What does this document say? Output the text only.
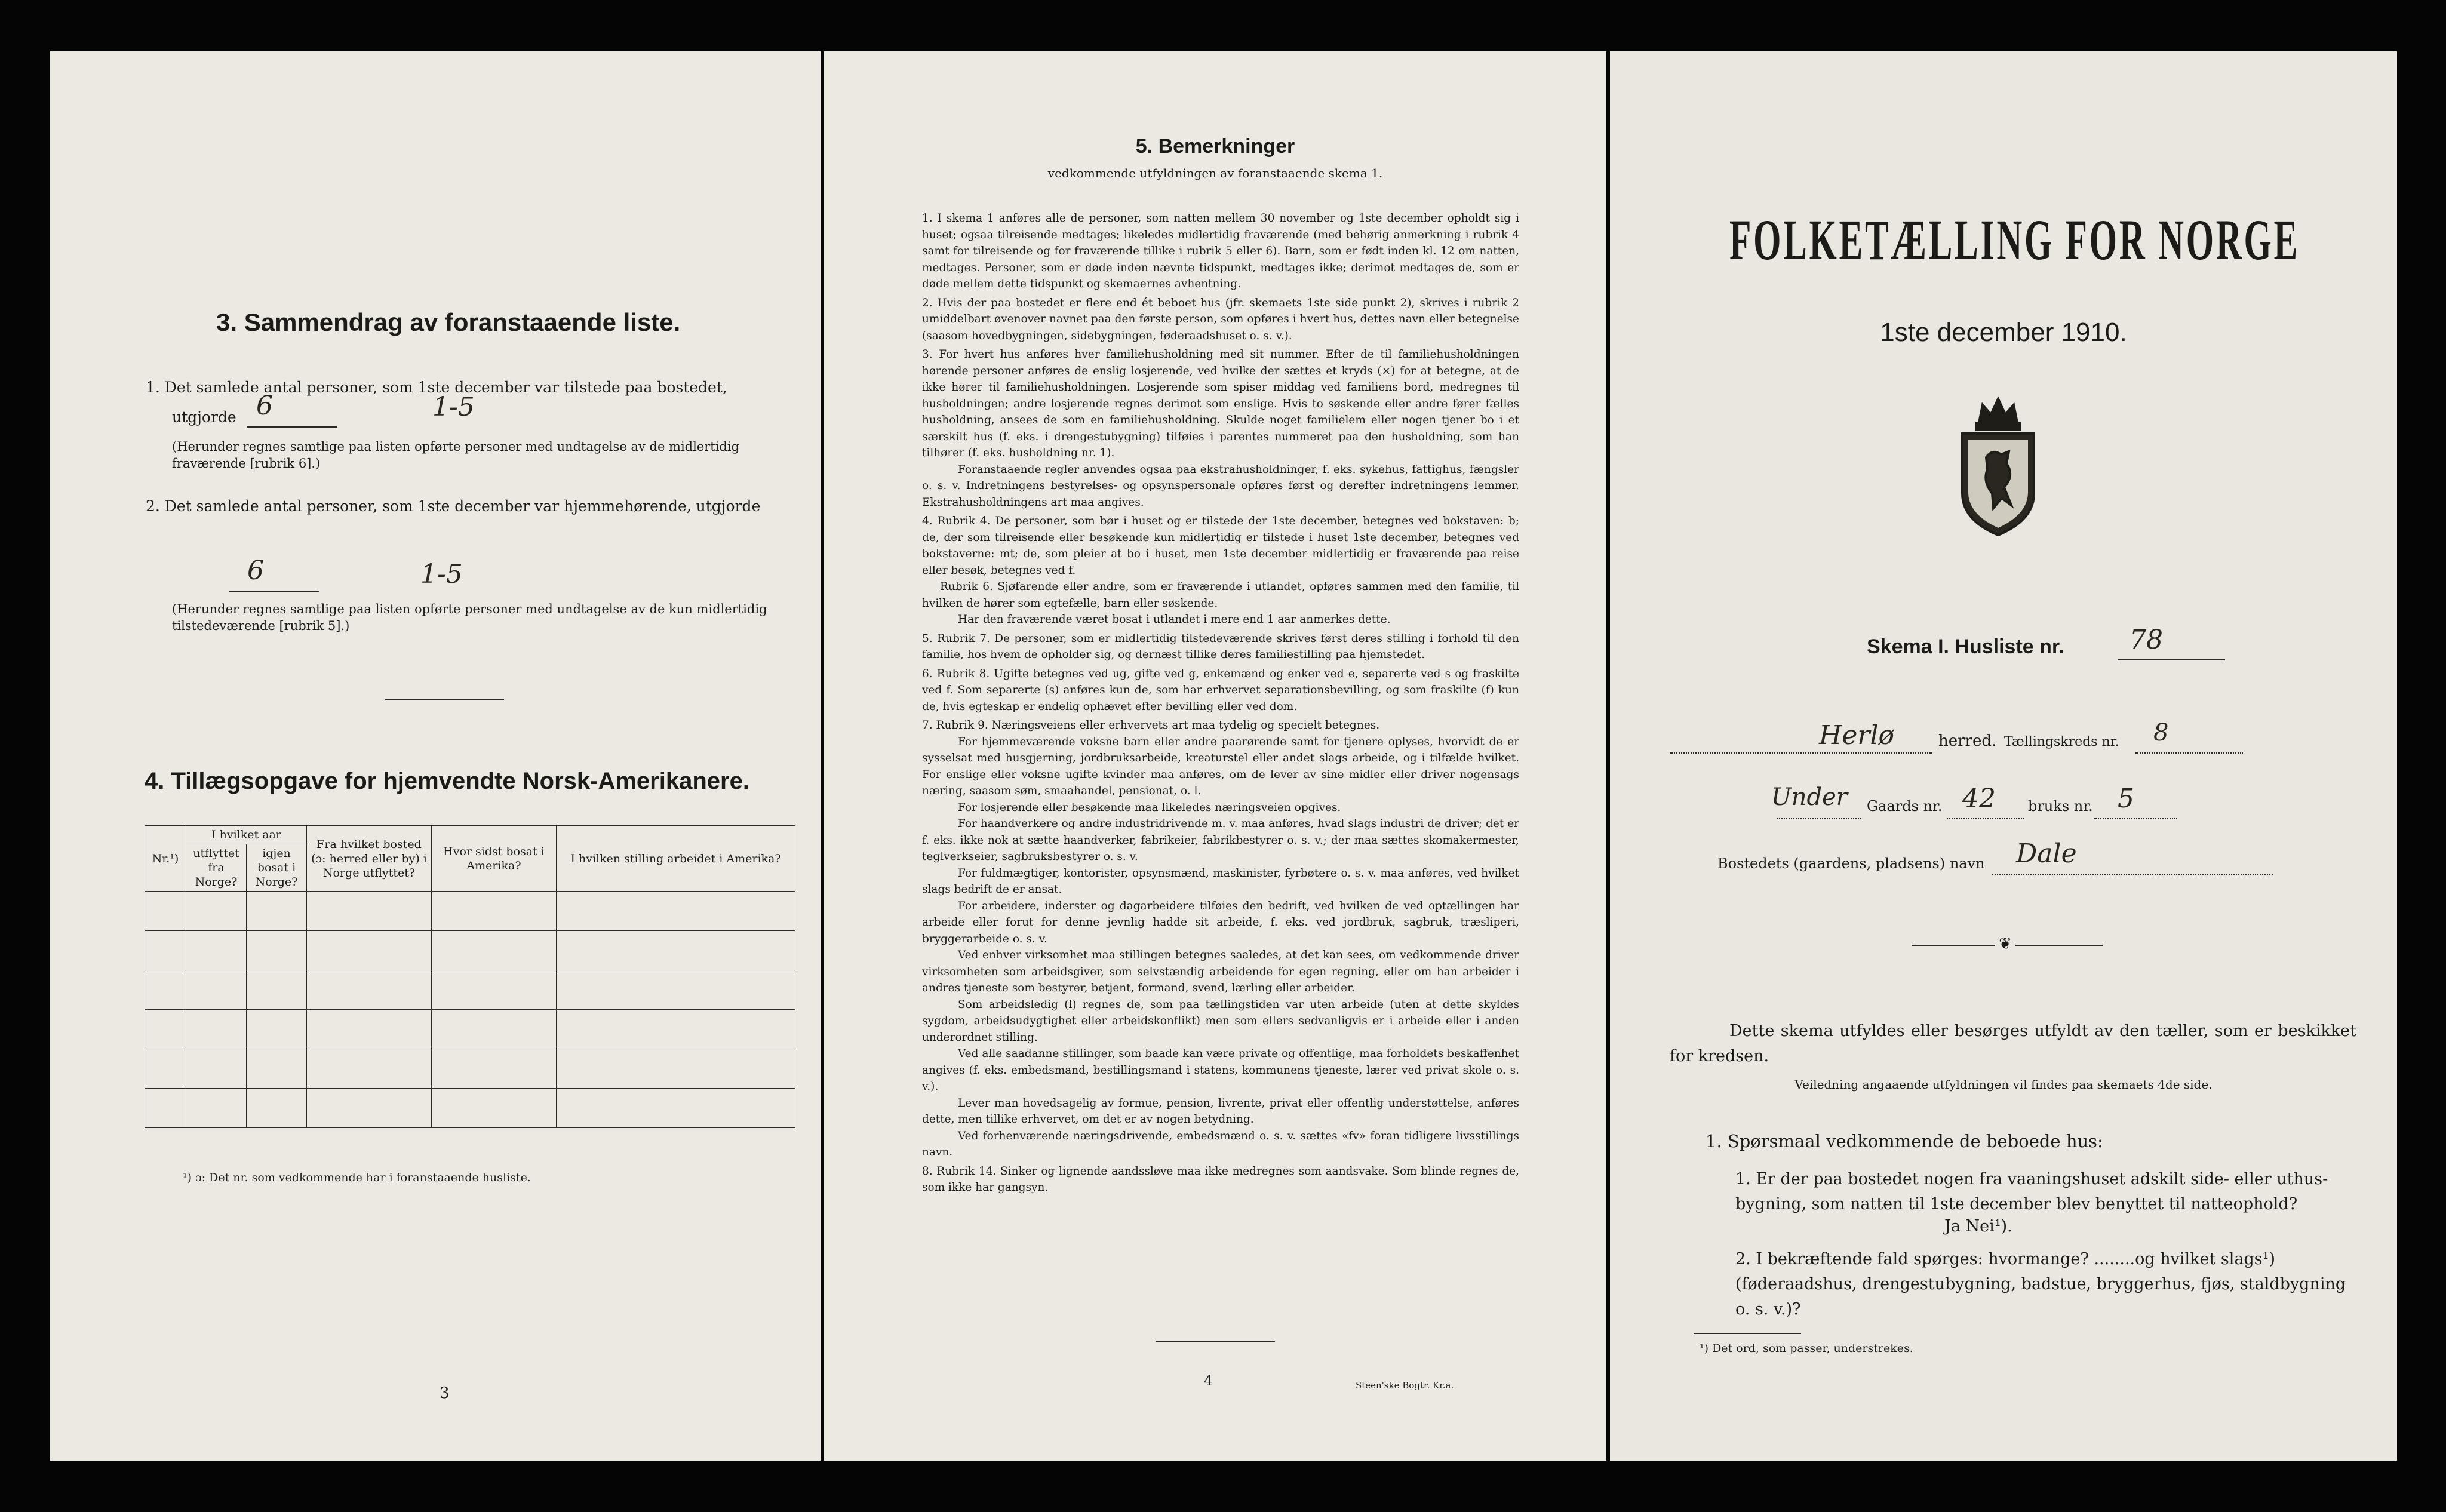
3. Sammendrag av foranstaaende liste.
1. Det samlede antal personer, som 1ste december var tilstede paa bostedet,
utgjorde 6	1-5
(Herunder regnes samtlige paa listen opførte personer med undtagelse av de midlertidig fraværende [rubrik 6].)
2. Det samlede antal personer, som 1ste december var hjemmehørende, utgjorde
6	1-5
(Herunder regnes samtlige paa listen opførte personer med undtagelse av de kun midlertidig tilstedeværende [rubrik 5].)
4. Tillægsopgave for hjemvendte Norsk-Amerikanere.
Nr.¹)	I hvilket aar		Fra hvilket bosted (ɔ: herred eller by) i Norge utflyttet?	Hvor sidst bosat i Amerika?	I hvilken stilling arbeidet i Amerika?
	utflyttet fra Norge?	igjen bosat i Norge?			

¹) ɔ: Det nr. som vedkommende har i foranstaaende husliste.
3
5. Bemerkninger
vedkommende utfyldningen av foranstaaende skema 1.

1. I skema 1 anføres alle de personer, som natten mellem 30 november og 1ste december opholdt sig i huset; ogsaa tilreisende medtages; likeledes midlertidig fraværende (med behørig anmerkning i rubrik 4 samt for tilreisende og for fraværende tillike i rubrik 5 eller 6). Barn, som er født inden kl. 12 om natten, medtages. Personer, som er døde inden nævnte tidspunkt, medtages ikke; derimot medtages de, som er døde mellem dette tidspunkt og skemaernes avhentning.

2. Hvis der paa bostedet er flere end ét beboet hus (jfr. skemaets 1ste side punkt 2), skrives i rubrik 2 umiddelbart øvenover navnet paa den første person, som opføres i hvert hus, dettes navn eller betegnelse (saasom hovedbygningen, sidebygningen, føderaadshuset o. s. v.).

3. For hvert hus anføres hver familiehusholdning med sit nummer. Efter de til familiehusholdningen hørende personer anføres de enslig losjerende, ved hvilke der sættes et kryds (×) for at betegne, at de ikke hører til familiehusholdningen. Losjerende som spiser middag ved familiens bord, medregnes til husholdningen; andre losjerende regnes derimot som enslige. Hvis to søskende eller andre fører fælles husholdning, ansees de som en familiehusholdning. Skulde noget familielem eller nogen tjener bo i et særskilt hus (f. eks. i drengestubygning) tilføies i parentes nummeret paa den husholdning, som han tilhører (f. eks. husholdning nr. 1).

Foranstaaende regler anvendes ogsaa paa ekstrahusholdninger, f. eks. sykehus, fattighus, fængsler o. s. v. Indretningens bestyrelses- og opsynspersonale opføres først og derefter indretningens lemmer. Ekstrahusholdningens art maa angives.

4. Rubrik 4. De personer, som bør i huset og er tilstede der 1ste december, betegnes ved bokstaven: b; de, der som tilreisende eller besøkende kun midlertidig er tilstede i huset 1ste december, betegnes ved bokstaverne: mt; de, som pleier at bo i huset, men 1ste december midlertidig er fraværende paa reise eller besøk, betegnes ved f.

Rubrik 6. Sjøfarende eller andre, som er fraværende i utlandet, opføres sammen med den familie, til hvilken de hører som egtefælle, barn eller søskende.

Har den fraværende været bosat i utlandet i mere end 1 aar anmerkes dette.

5. Rubrik 7. De personer, som er midlertidig tilstedeværende skrives først deres stilling i forhold til den familie, hos hvem de opholder sig, og dernæst tillike deres familiestilling paa hjemstedet.

6. Rubrik 8. Ugifte betegnes ved ug, gifte ved g, enkemænd og enker ved e, separerte ved s og fraskilte ved f. Som separerte (s) anføres kun de, som har erhvervet separationsbevilling, og som fraskilte (f) kun de, hvis egteskap er endelig ophævet efter bevilling eller ved dom.

7. Rubrik 9. Næringsveiens eller erhvervets art maa tydelig og specielt betegnes.

For hjemmeværende voksne barn eller andre paarørende samt for tjenere oplyses, hvorvidt de er sysselsat med husgjerning, jordbruksarbeide, kreaturstel eller andet slags arbeide, og i tilfælde hvilket. For enslige eller voksne ugifte kvinder maa anføres, om de lever av sine midler eller driver nogensags næring, saasom søm, smaahandel, pensionat, o. l.

For losjerende eller besøkende maa likeledes næringsveien opgives.

For haandverkere og andre industridrivende m. v. maa anføres, hvad slags industri de driver; det er f. eks. ikke nok at sætte haandverker, fabrikeier, fabrikbestyrer o. s. v.; der maa sættes skomakermester, teglverkseier, sagbruksbestyrer o. s. v.

For fuldmægtiger, kontorister, opsynsmænd, maskinister, fyrbøtere o. s. v. maa anføres, ved hvilket slags bedrift de er ansat.

For arbeidere, inderster og dagarbeidere tilføies den bedrift, ved hvilken de ved optællingen har arbeide eller forut for denne jevnlig hadde sit arbeide, f. eks. ved jordbruk, sagbruk, træsliperi, bryggerarbeide o. s. v.

Ved enhver virksomhet maa stillingen betegnes saaledes, at det kan sees, om vedkommende driver virksomheten som arbeidsgiver, som selvstændig arbeidende for egen regning, eller om han arbeider i andres tjeneste som bestyrer, betjent, formand, svend, lærling eller arbeider.

Som arbeidsledig (l) regnes de, som paa tællingstiden var uten arbeide (uten at dette skyldes sygdom, arbeidsudygtighet eller arbeidskonflikt) men som ellers sedvanligvis er i arbeide eller i anden underordnet stilling.

Ved alle saadanne stillinger, som baade kan være private og offentlige, maa forholdets beskaffenhet angives (f. eks. embedsmand, bestillingsmand i statens, kommunens tjeneste, lærer ved privat skole o. s. v.).

Lever man hovedsagelig av formue, pension, livrente, privat eller offentlig understøttelse, anføres dette, men tillike erhvervet, om det er av nogen betydning.

Ved forhenværende næringsdrivende, embedsmænd o. s. v. sættes «fv» foran tidligere livsstillings navn.

8. Rubrik 14. Sinker og lignende aandssløve maa ikke medregnes som aandsvake. Som blinde regnes de, som ikke har gangsyn.

4	Steen'ske Bogtr. Kr.a.
FOLKETÆLLING FOR NORGE
1ste december 1910.
Skema I. Husliste nr. 78
Herlø	herred. Tællingskreds nr. 8
Under Gaards nr. 42 bruks nr. 5
Bostedets (gaardens, pladsens) navn Dale
❦
Dette skema utfyldes eller besørges utfyldt av den tæller, som er beskikket for kredsen.
Veiledning angaaende utfyldningen vil findes paa skemaets 4de side.
1. Spørsmaal vedkommende de beboede hus:
1. Er der paa bostedet nogen fra vaaningshuset adskilt side- eller uthus-bygning, som natten til 1ste december blev benyttet til natteophold?
Ja Nei¹).
2. I bekræftende fald spørges: hvormange? ........og hvilket slags¹) (føderaadshus, drengestubygning, badstue, bryggerhus, fjøs, staldbygning o. s. v.)?
¹) Det ord, som passer, understrekes.
